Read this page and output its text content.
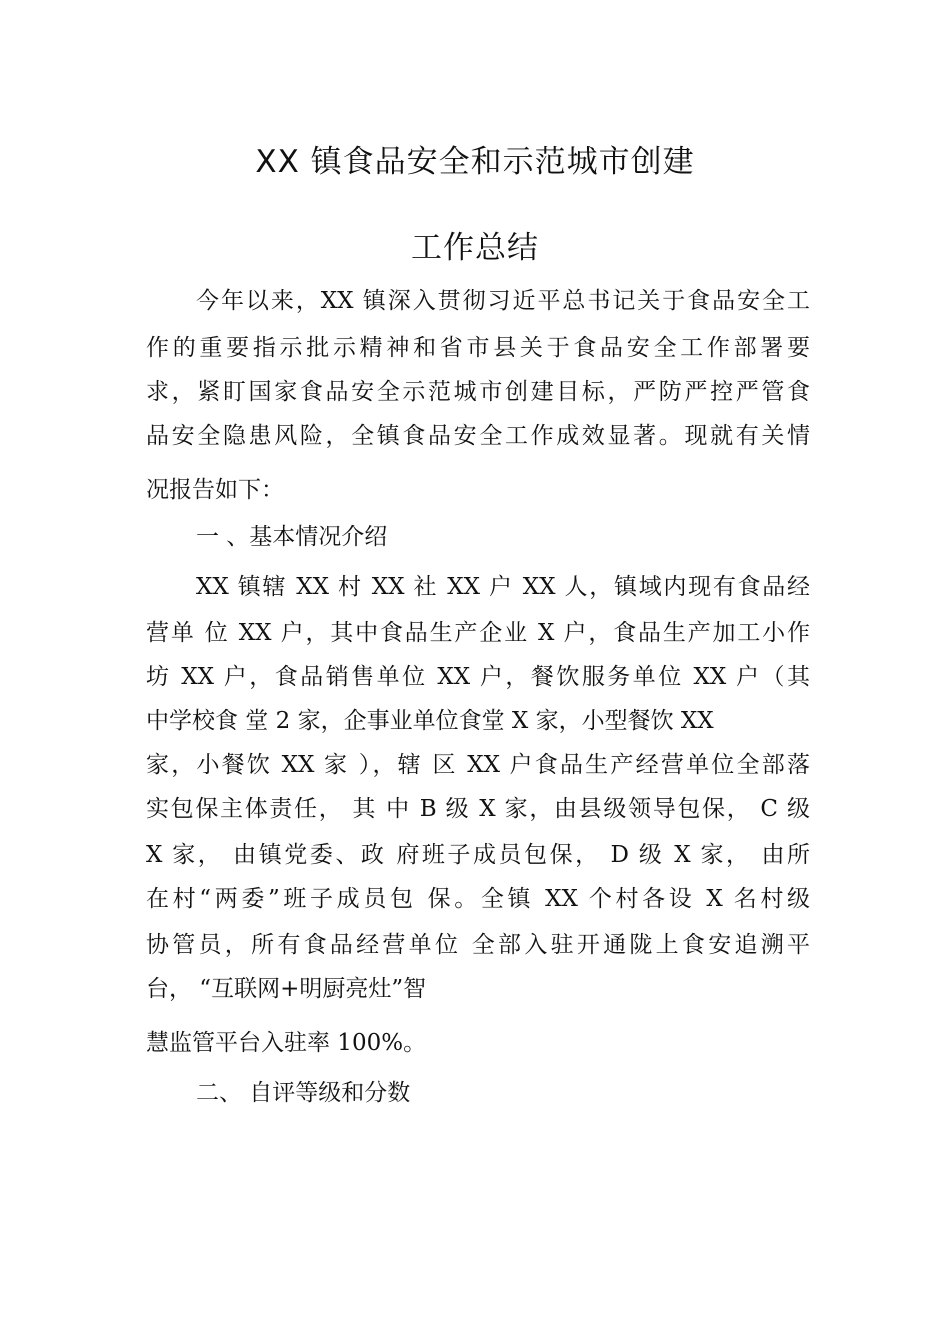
XX 镇食品安全和示范城市创建
工作总结
今年以来，XX 镇深入贯彻习近平总书记关于食品安全工
作的重要指示批示精神和省市县关于食品安全工作部署要
求，紧盯国家食品安全示范城市创建目标，严防严控严管食
品安全隐患风险，全镇食品安全工作成效显著。现就有关情
况报告如下：
一 、基本情况介绍
XX 镇辖 XX 村 XX 社 XX 户 XX 人，镇域内现有食品经
营单 位 XX 户，其中食品生产企业 X 户，食品生产加工小作
坊 XX 户，食品销售单位 XX 户，餐饮服务单位 XX 户（其
中学校食 堂 2 家，企事业单位食堂 X 家，小型餐饮 XX
家，小餐饮 XX 家 ），辖 区 XX 户食品生产经营单位全部落
实包保主体责任， 其 中 B 级 X 家，由县级领导包保， C 级
X 家， 由镇党委、政 府班子成员包保， D 级 X 家， 由所
在村“两委”班子成员包 保。全镇 XX 个村各设 X 名村级
协管员，所有食品经营单位 全部入驻开通陇上食安追溯平
台， “互联网+明厨亮灶”智
慧监管平台入驻率 100%。
二、 自评等级和分数
